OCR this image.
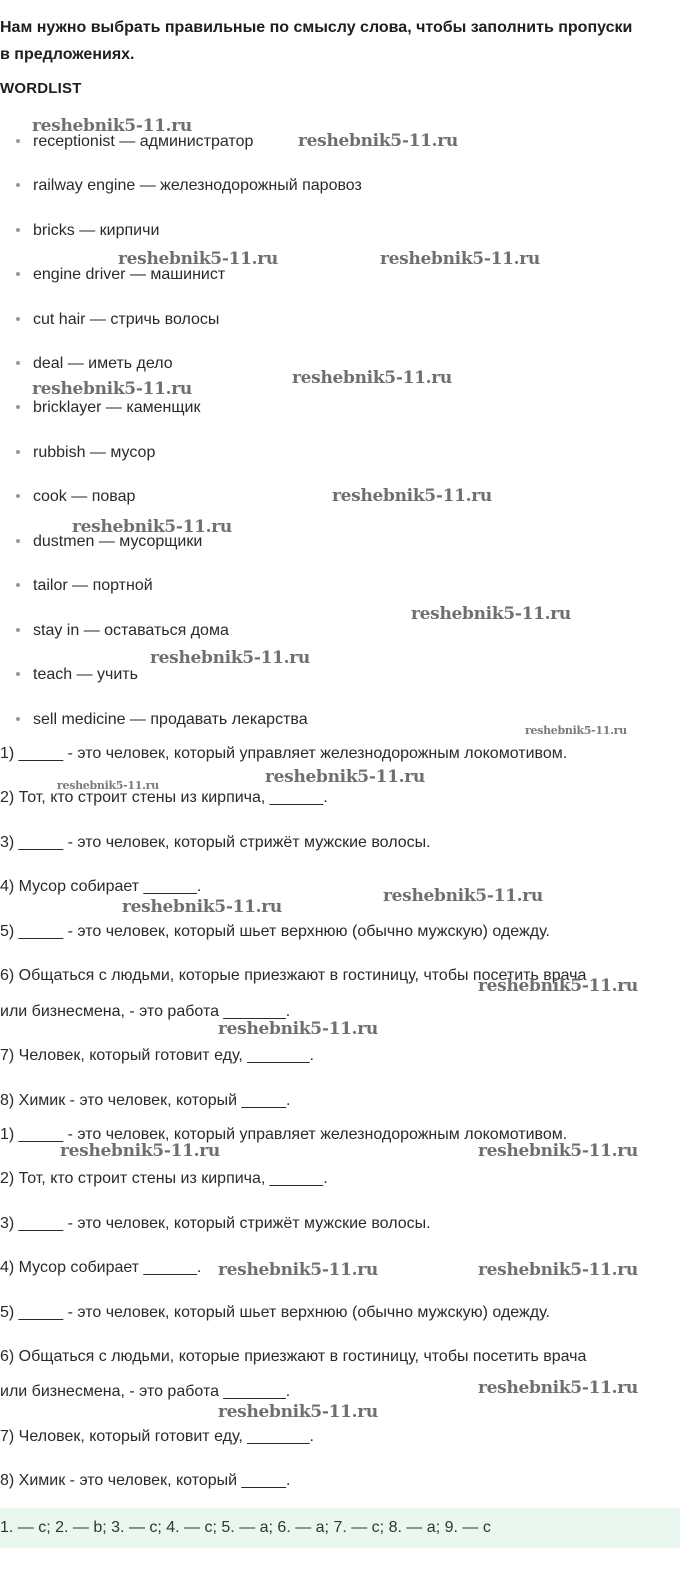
Нам нужно выбрать правильные по смыслу слова, чтобы заполнить пропуски
в предложениях.
WORDLIST
receptionist — администратор
railway engine — железнодорожный паровоз
bricks — кирпичи
engine driver — машинист
cut hair — стричь волосы
deal — иметь дело
bricklayer — каменщик
rubbish — мусор
cook — повар
dustmen — мусорщики
tailor — портной
stay in — оставаться дома
teach — учить
sell medicine — продавать лекарства
1) _____ - это человек, который управляет железнодорожным локомотивом.
2) Тот, кто строит стены из кирпича, ______.
3) _____ - это человек, который стрижёт мужские волосы.
4) Мусор собирает ______.
5) _____ - это человек, который шьет верхнюю (обычно мужскую) одежду.
6) Общаться с людьми, которые приезжают в гостиницу, чтобы посетить врача
или бизнесмена, - это работа _______.
7) Человек, который готовит еду, _______.
8) Химик - это человек, который _____.
1) _____ - это человек, который управляет железнодорожным локомотивом.
2) Тот, кто строит стены из кирпича, ______.
3) _____ - это человек, который стрижёт мужские волосы.
4) Мусор собирает ______.
5) _____ - это человек, который шьет верхнюю (обычно мужскую) одежду.
6) Общаться с людьми, которые приезжают в гостиницу, чтобы посетить врача
или бизнесмена, - это работа _______.
7) Человек, который готовит еду, _______.
8) Химик - это человек, который _____.
1. — c; 2. — b; 3. — c; 4. — c; 5. — a; 6. — a; 7. — c; 8. — a; 9. — c
reshebnik5-11.ru
reshebnik5-11.ru
reshebnik5-11.ru	reshebnik5-11.ru
reshebnik5-11.ru
reshebnik5-11.ru
reshebnik5-11.ru
reshebnik5-11.ru
reshebnik5-11.ru
reshebnik5-11.ru
reshebnik5-11.ru
reshebnik5-11.ru
reshebnik5-11.ru
reshebnik5-11.ru
reshebnik5-11.ru
reshebnik5-11.ru
reshebnik5-11.ru
reshebnik5-11.ru	reshebnik5-11.ru
reshebnik5-11.ru	reshebnik5-11.ru
reshebnik5-11.ru
reshebnik5-11.ru
